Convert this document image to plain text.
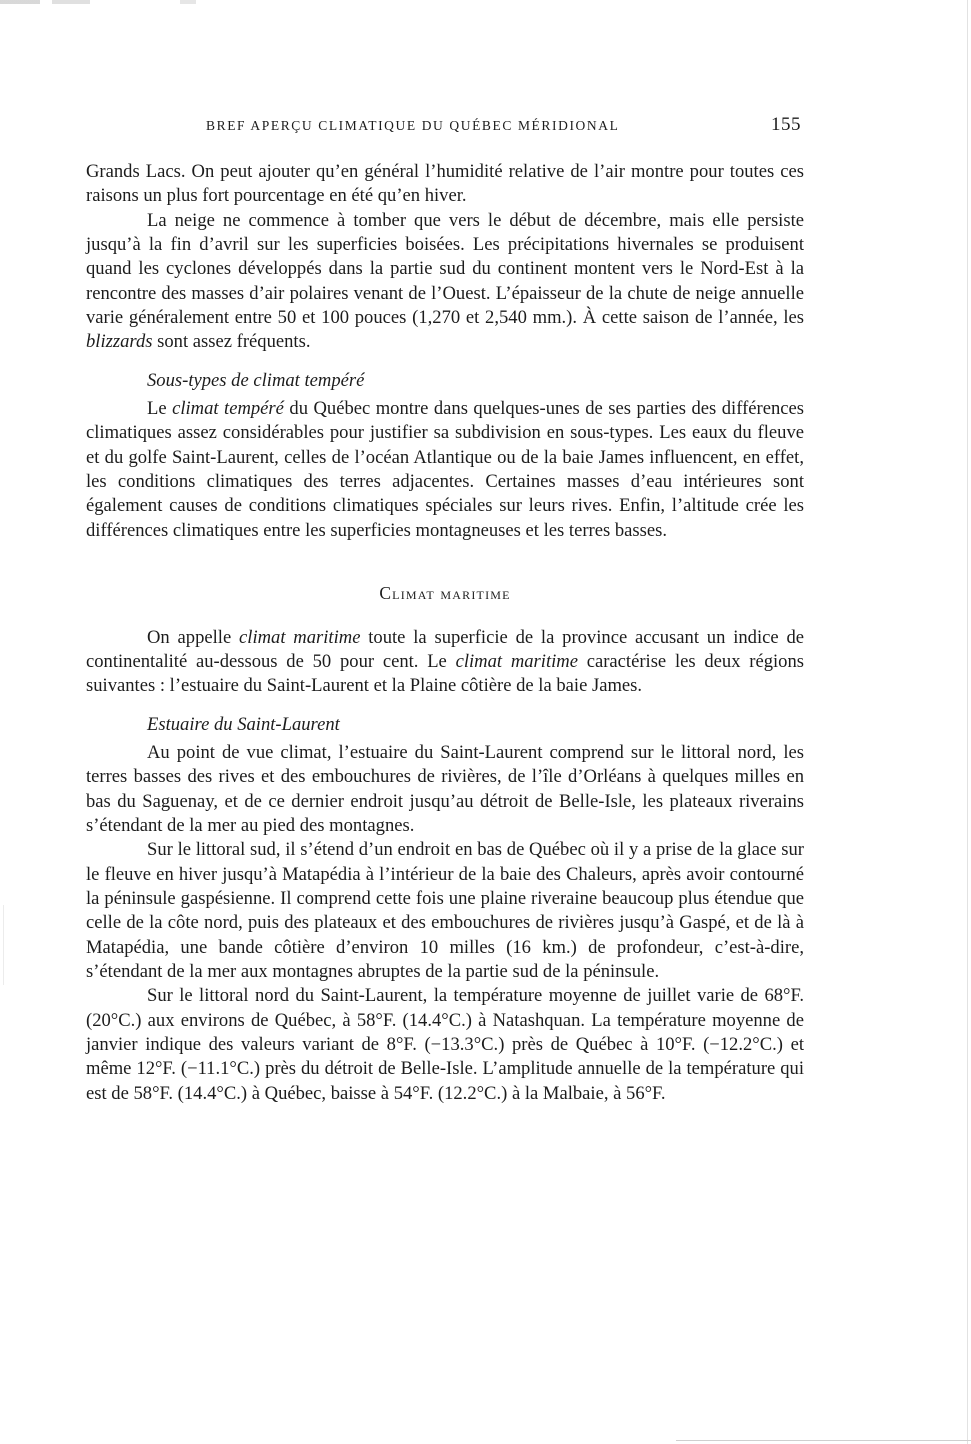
BREF APERÇU CLIMATIQUE DU QUÉBEC MÉRIDIONAL	155

Grands Lacs. On peut ajouter qu’en général l’humidité relative de l’air montre pour toutes ces raisons un plus fort pourcentage en été qu’en hiver.

La neige ne commence à tomber que vers le début de décembre, mais elle persiste jusqu’à la fin d’avril sur les superficies boisées. Les précipitations hivernales se produisent quand les cyclones développés dans la partie sud du continent montent vers le Nord-Est à la rencontre des masses d’air polaires venant de l’Ouest. L’épaisseur de la chute de neige annuelle varie généralement entre 50 et 100 pouces (1,270 et 2,540 mm.). À cette saison de l’année, les blizzards sont assez fréquents.

Sous-types de climat tempéré

Le climat tempéré du Québec montre dans quelques-unes de ses parties des différences climatiques assez considérables pour justifier sa subdivision en sous-types. Les eaux du fleuve et du golfe Saint-Laurent, celles de l’océan Atlantique ou de la baie James influencent, en effet, les conditions climatiques des terres adjacentes. Certaines masses d’eau intérieures sont également causes de conditions climatiques spéciales sur leurs rives. Enfin, l’altitude crée les différences climatiques entre les superficies montagneuses et les terres basses.

Climat maritime

On appelle climat maritime toute la superficie de la province accusant un indice de continentalité au-dessous de 50 pour cent. Le climat maritime caractérise les deux régions suivantes : l’estuaire du Saint-Laurent et la Plaine côtière de la baie James.

Estuaire du Saint-Laurent

Au point de vue climat, l’estuaire du Saint-Laurent comprend sur le littoral nord, les terres basses des rives et des embouchures de rivières, de l’île d’Orléans à quelques milles en bas du Saguenay, et de ce dernier endroit jusqu’au détroit de Belle-Isle, les plateaux riverains s’étendant de la mer au pied des montagnes.

Sur le littoral sud, il s’étend d’un endroit en bas de Québec où il y a prise de la glace sur le fleuve en hiver jusqu’à Matapédia à l’intérieur de la baie des Chaleurs, après avoir contourné la péninsule gaspésienne. Il comprend cette fois une plaine riveraine beaucoup plus étendue que celle de la côte nord, puis des plateaux et des embouchures de rivières jusqu’à Gaspé, et de là à Matapédia, une bande côtière d’environ 10 milles (16 km.) de profondeur, c’est-à-dire, s’étendant de la mer aux montagnes abruptes de la partie sud de la péninsule.

Sur le littoral nord du Saint-Laurent, la température moyenne de juillet varie de 68°F. (20°C.) aux environs de Québec, à 58°F. (14.4°C.) à Natashquan. La température moyenne de janvier indique des valeurs variant de 8°F. (−13.3°C.) près de Québec à 10°F. (−12.2°C.) et même 12°F. (−11.1°C.) près du détroit de Belle-Isle. L’amplitude annuelle de la température qui est de 58°F. (14.4°C.) à Québec, baisse à 54°F. (12.2°C.) à la Malbaie, à 56°F.
